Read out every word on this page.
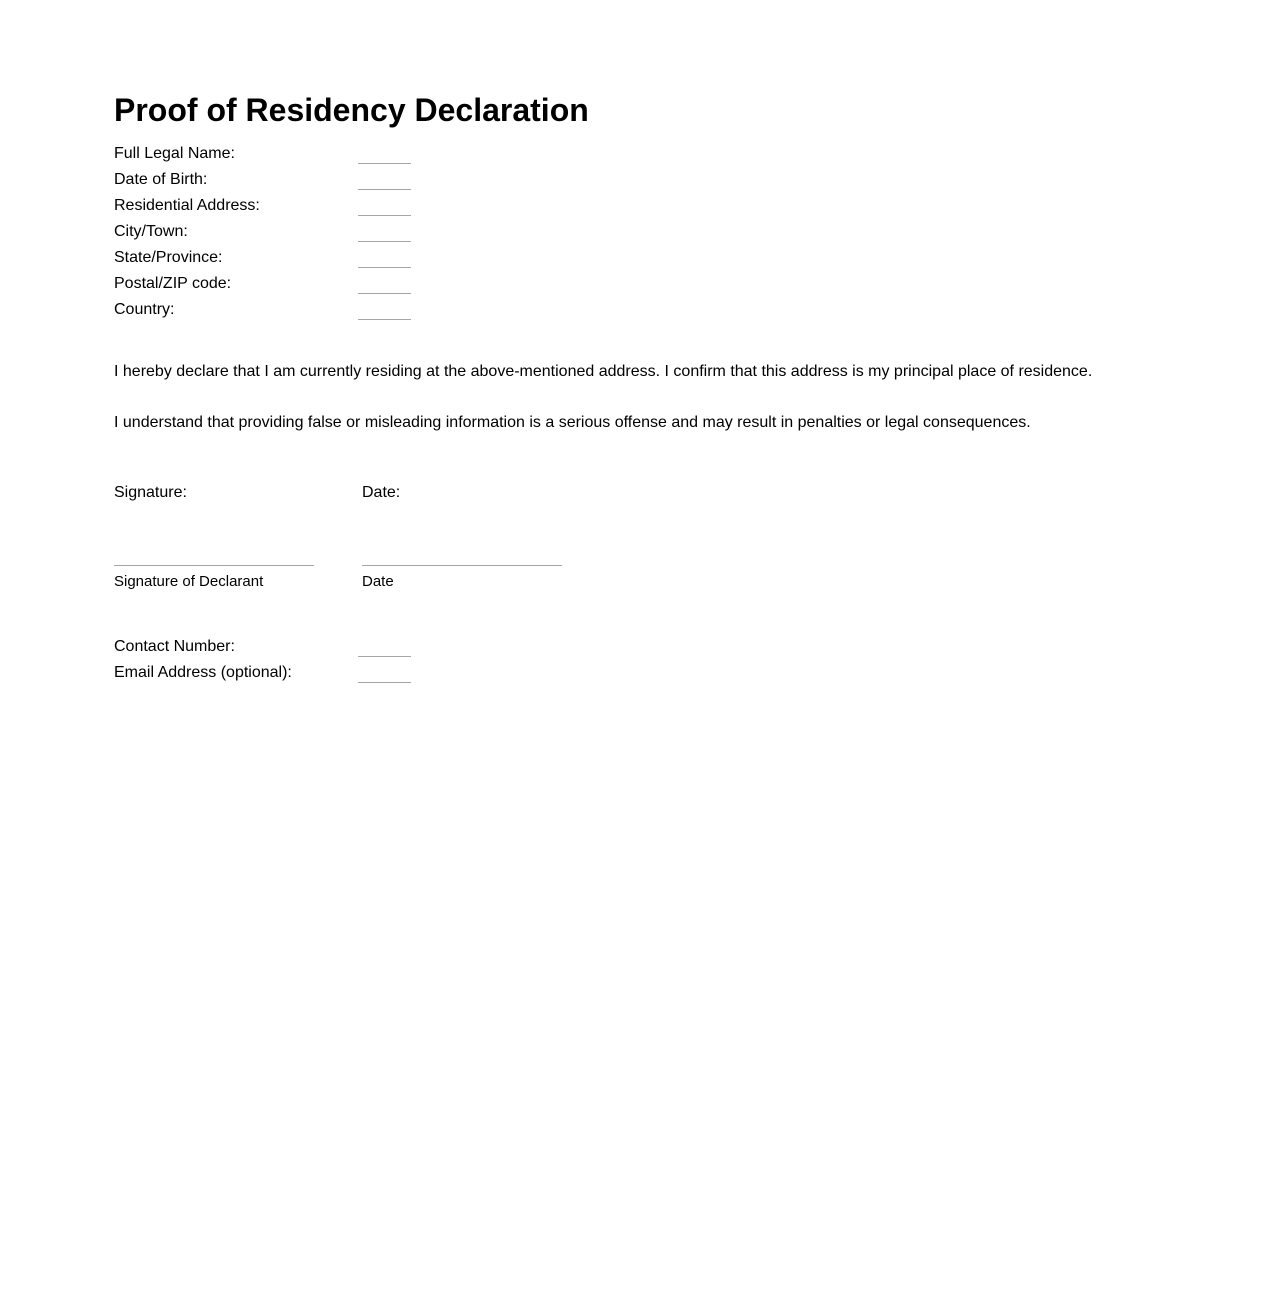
Proof of Residency Declaration
Full Legal Name:
Date of Birth:
Residential Address:
City/Town:
State/Province:
Postal/ZIP code:
Country:

I hereby declare that I am currently residing at the above-mentioned address. I confirm that this address is my principal place of residence.

I understand that providing false or misleading information is a serious offense and may result in penalties or legal consequences.

Signature:	Date:
Signature of Declarant	Date
Contact Number:
Email Address (optional):
